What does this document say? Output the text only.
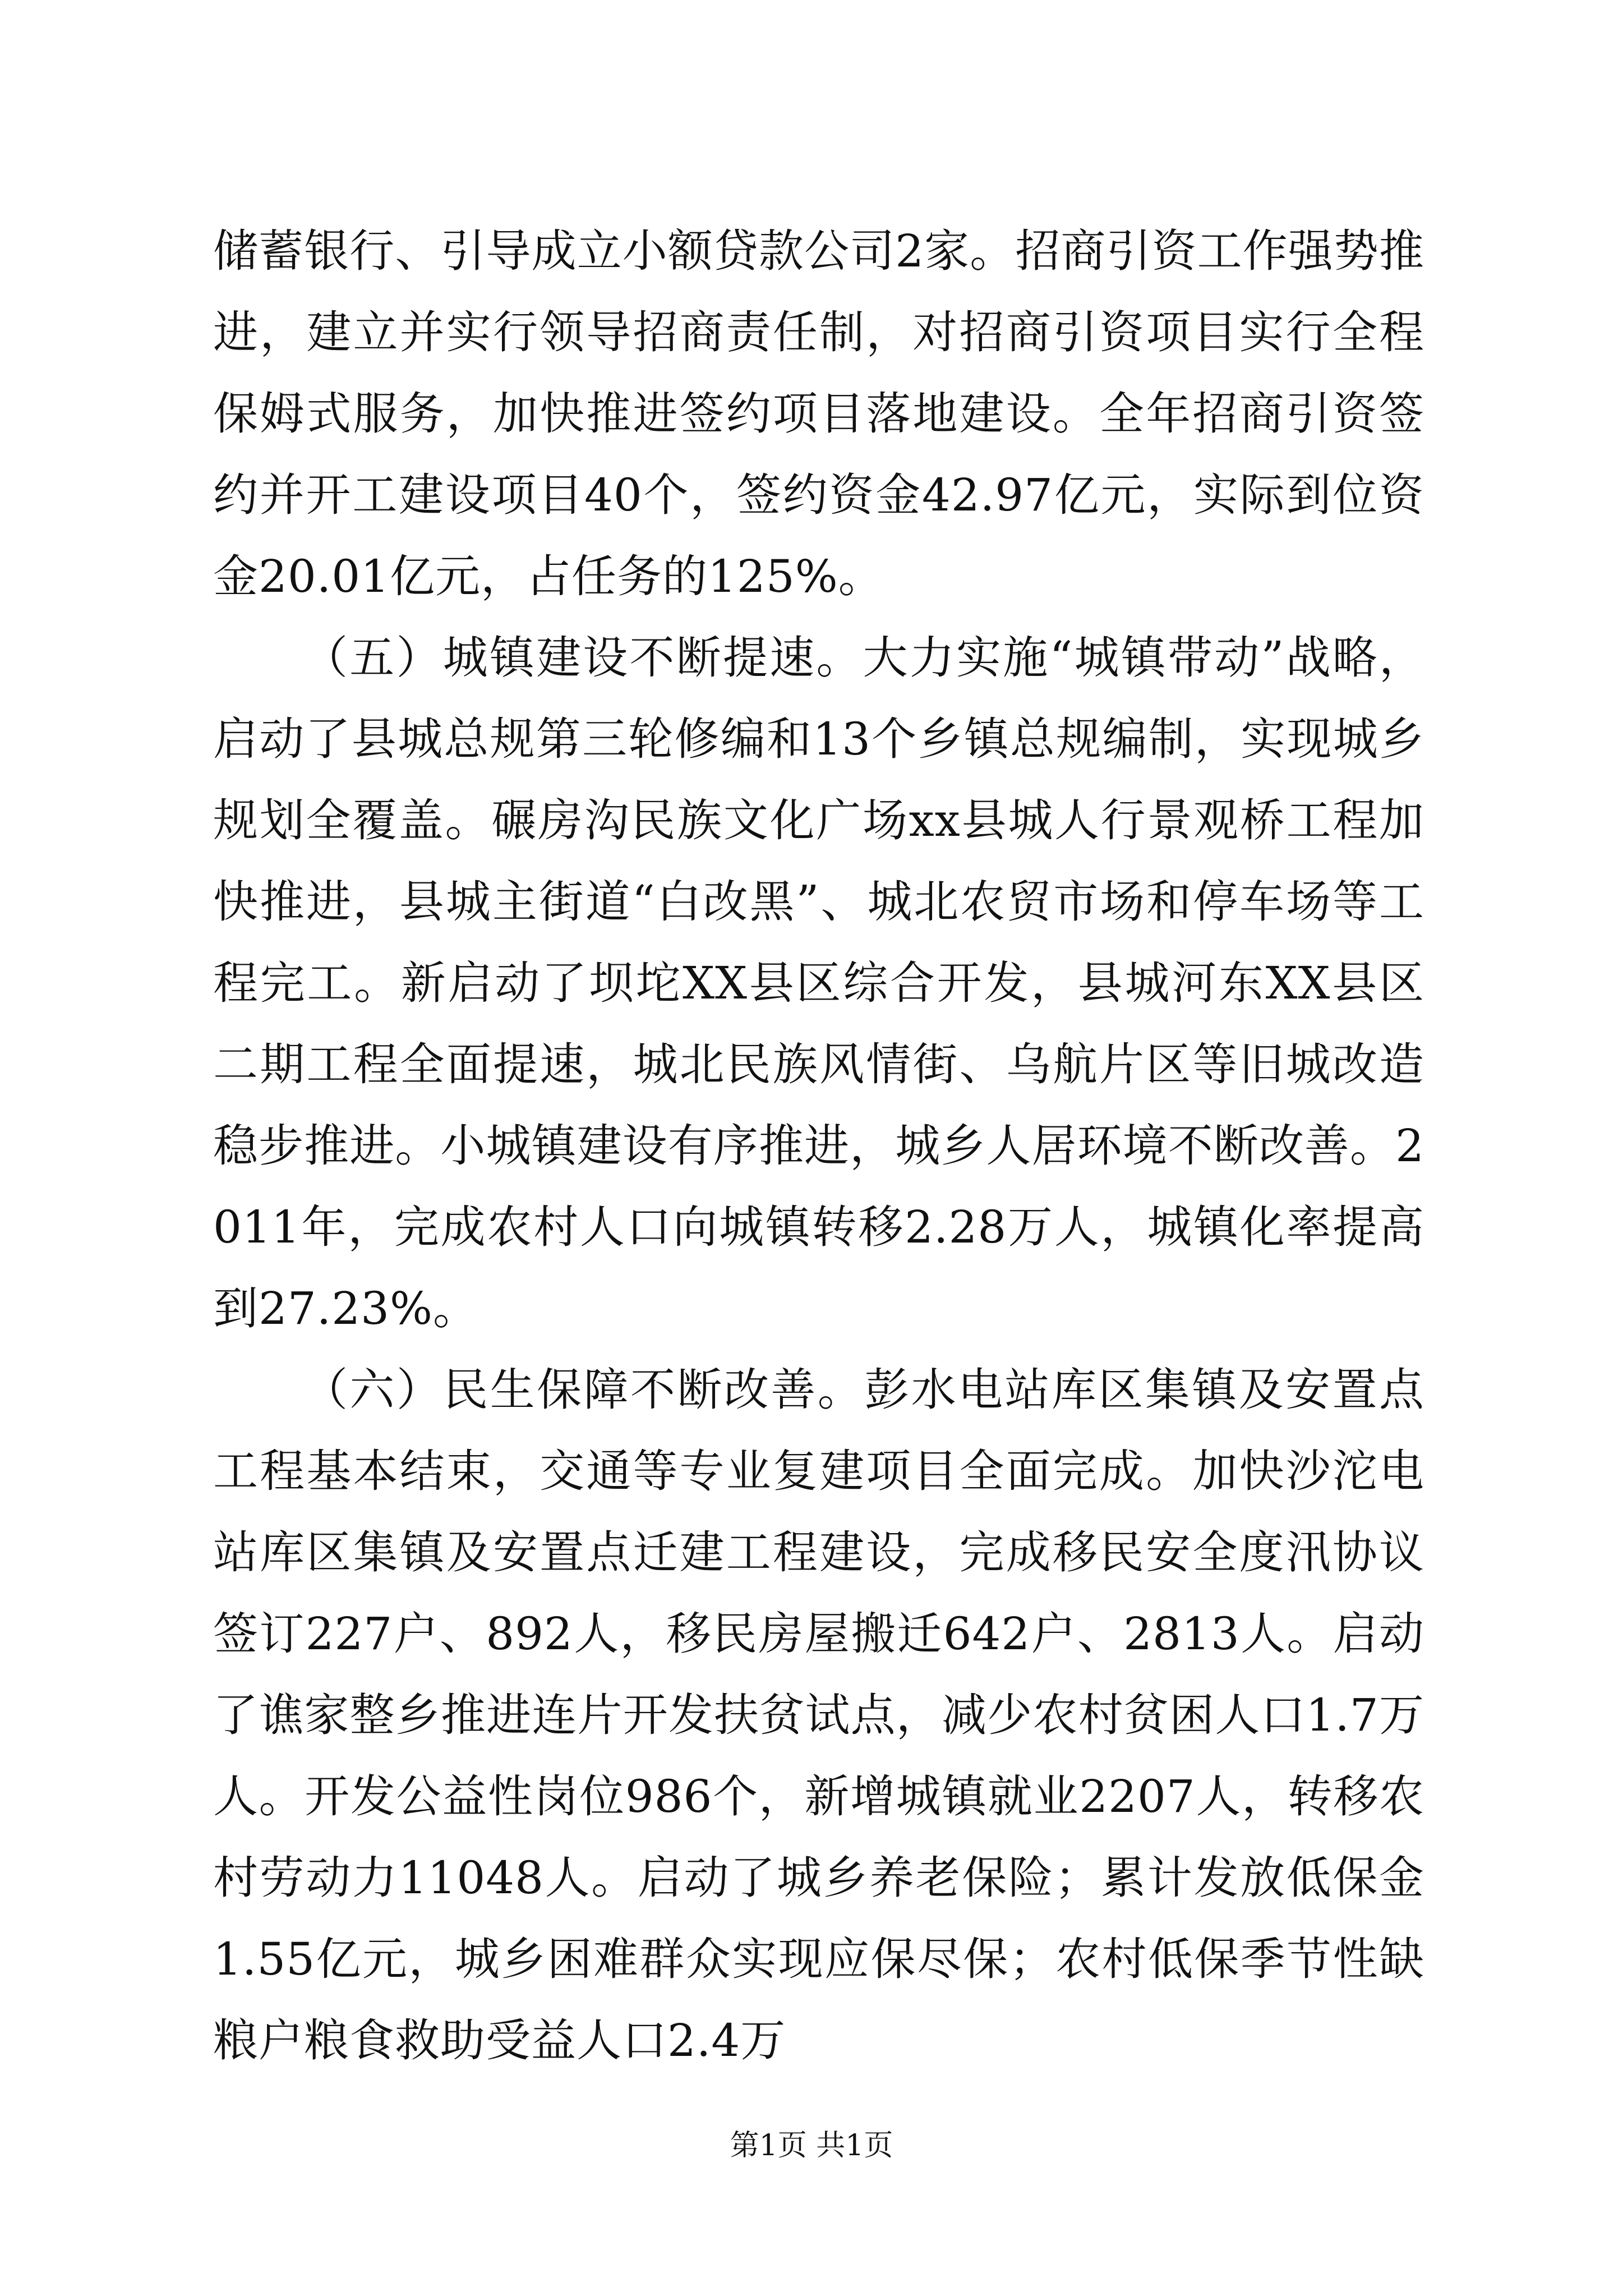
储蓄银行、引导成立小额贷款公司2家。招商引资工作强势推进，建立并实行领导招商责任制，对招商引资项目实行全程保姆式服务，加快推进签约项目落地建设。全年招商引资签约并开工建设项目40个，签约资金42.97亿元，实际到位资金20.01亿元，占任务的125%。

（五）城镇建设不断提速。大力实施“城镇带动”战略，启动了县城总规第三轮修编和13个乡镇总规编制，实现城乡规划全覆盖。碾房沟民族文化广场xx县城人行景观桥工程加快推进，县城主街道“白改黑”、城北农贸市场和停车场等工程完工。新启动了坝坨XX县区综合开发，县城河东XX县区二期工程全面提速，城北民族风情街、乌航片区等旧城改造稳步推进。小城镇建设有序推进，城乡人居环境不断改善。2011年，完成农村人口向城镇转移2.28万人，城镇化率提高到27.23%。

（六）民生保障不断改善。彭水电站库区集镇及安置点工程基本结束，交通等专业复建项目全面完成。加快沙沱电站库区集镇及安置点迁建工程建设，完成移民安全度汛协议签订227户、892人，移民房屋搬迁642户、2813人。启动了谯家整乡推进连片开发扶贫试点，减少农村贫困人口1.7万人。开发公益性岗位986个，新增城镇就业2207人，转移农村劳动力11048人。启动了城乡养老保险；累计发放低保金1.55亿元，城乡困难群众实现应保尽保；农村低保季节性缺粮户粮食救助受益人口2.4万

第1页 共1页
